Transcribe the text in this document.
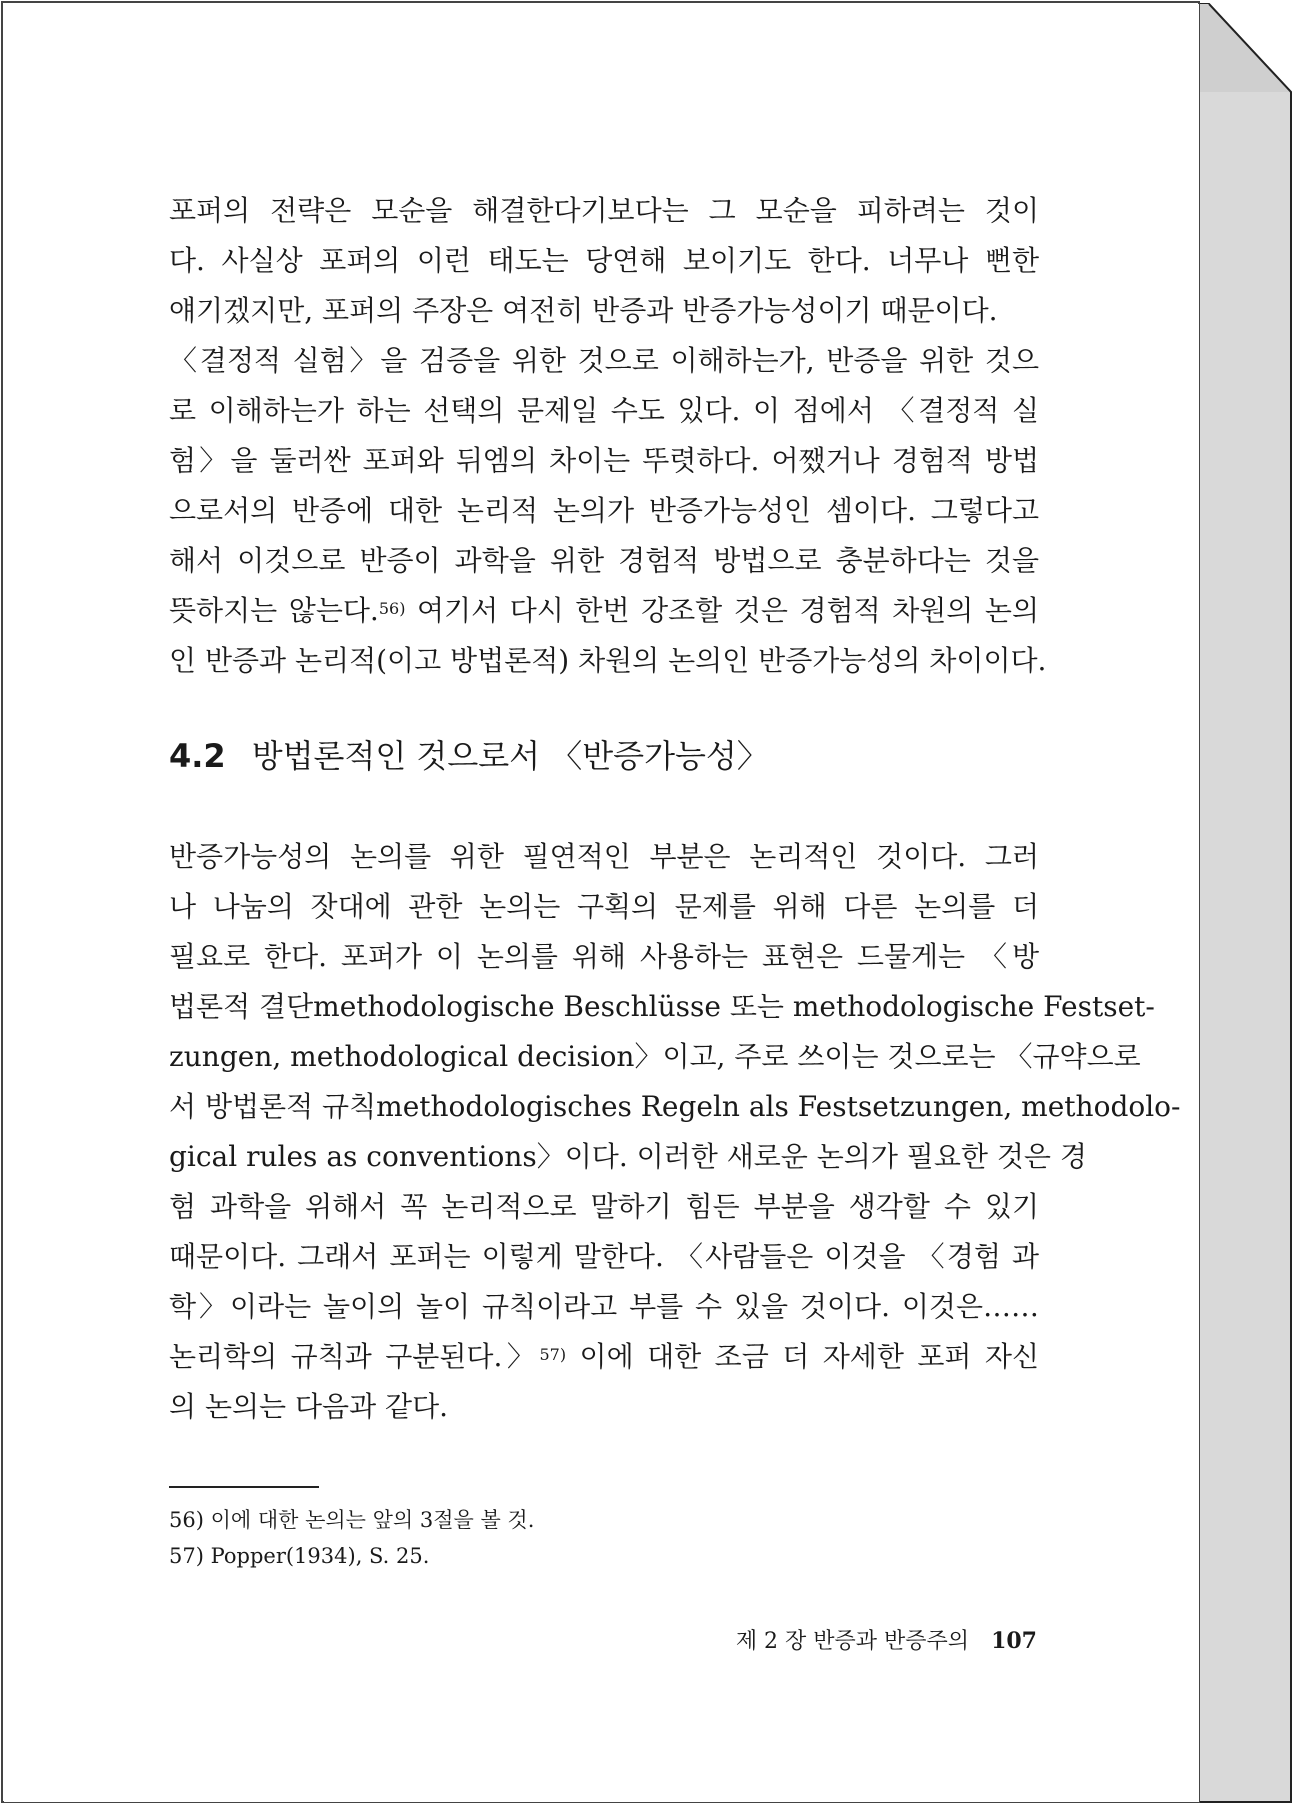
포퍼의 전략은 모순을 해결한다기보다는 그 모순을 피하려는 것이
다. 사실상 포퍼의 이런 태도는 당연해 보이기도 한다. 너무나 뻔한
얘기겠지만, 포퍼의 주장은 여전히 반증과 반증가능성이기 때문이다.

〈결정적 실험〉을 검증을 위한 것으로 이해하는가, 반증을 위한 것으
로 이해하는가 하는 선택의 문제일 수도 있다. 이 점에서 〈결정적 실
험〉을 둘러싼 포퍼와 뒤엠의 차이는 뚜렷하다. 어쨌거나 경험적 방법
으로서의 반증에 대한 논리적 논의가 반증가능성인 셈이다. 그렇다고
해서 이것으로 반증이 과학을 위한 경험적 방법으로 충분하다는 것을
뜻하지는 않는다.$^{56)}$ 여기서 다시 한번 강조할 것은 경험적 차원의 논의
인 반증과 논리적(이고 방법론적) 차원의 논의인 반증가능성의 차이이다.

4.2 방법론적인 것으로서 〈반증가능성〉

반증가능성의 논의를 위한 필연적인 부분은 논리적인 것이다. 그러
나 나눔의 잣대에 관한 논의는 구획의 문제를 위해 다른 논의를 더
필요로 한다. 포퍼가 이 논의를 위해 사용하는 표현은 드물게는 〈방
법론적 결단methodologische Beschlüsse 또는 methodologische Festset-
zungen, methodological decision〉이고, 주로 쓰이는 것으로는 〈규약으로
서 방법론적 규칙methodologisches Regeln als Festsetzungen, methodolo-
gical rules as conventions〉이다. 이러한 새로운 논의가 필요한 것은 경
험 과학을 위해서 꼭 논리적으로 말하기 힘든 부분을 생각할 수 있기
때문이다. 그래서 포퍼는 이렇게 말한다. 〈사람들은 이것을 〈경험 과
학〉이라는 놀이의 놀이 규칙이라고 부를 수 있을 것이다. 이것은……
논리학의 규칙과 구분된다.〉$^{57)}$ 이에 대한 조금 더 자세한 포퍼 자신
의 논의는 다음과 같다.

56) 이에 대한 논의는 앞의 3절을 볼 것.
57) Popper(1934), S. 25.
제 2 장 반증과 반증주의 107
